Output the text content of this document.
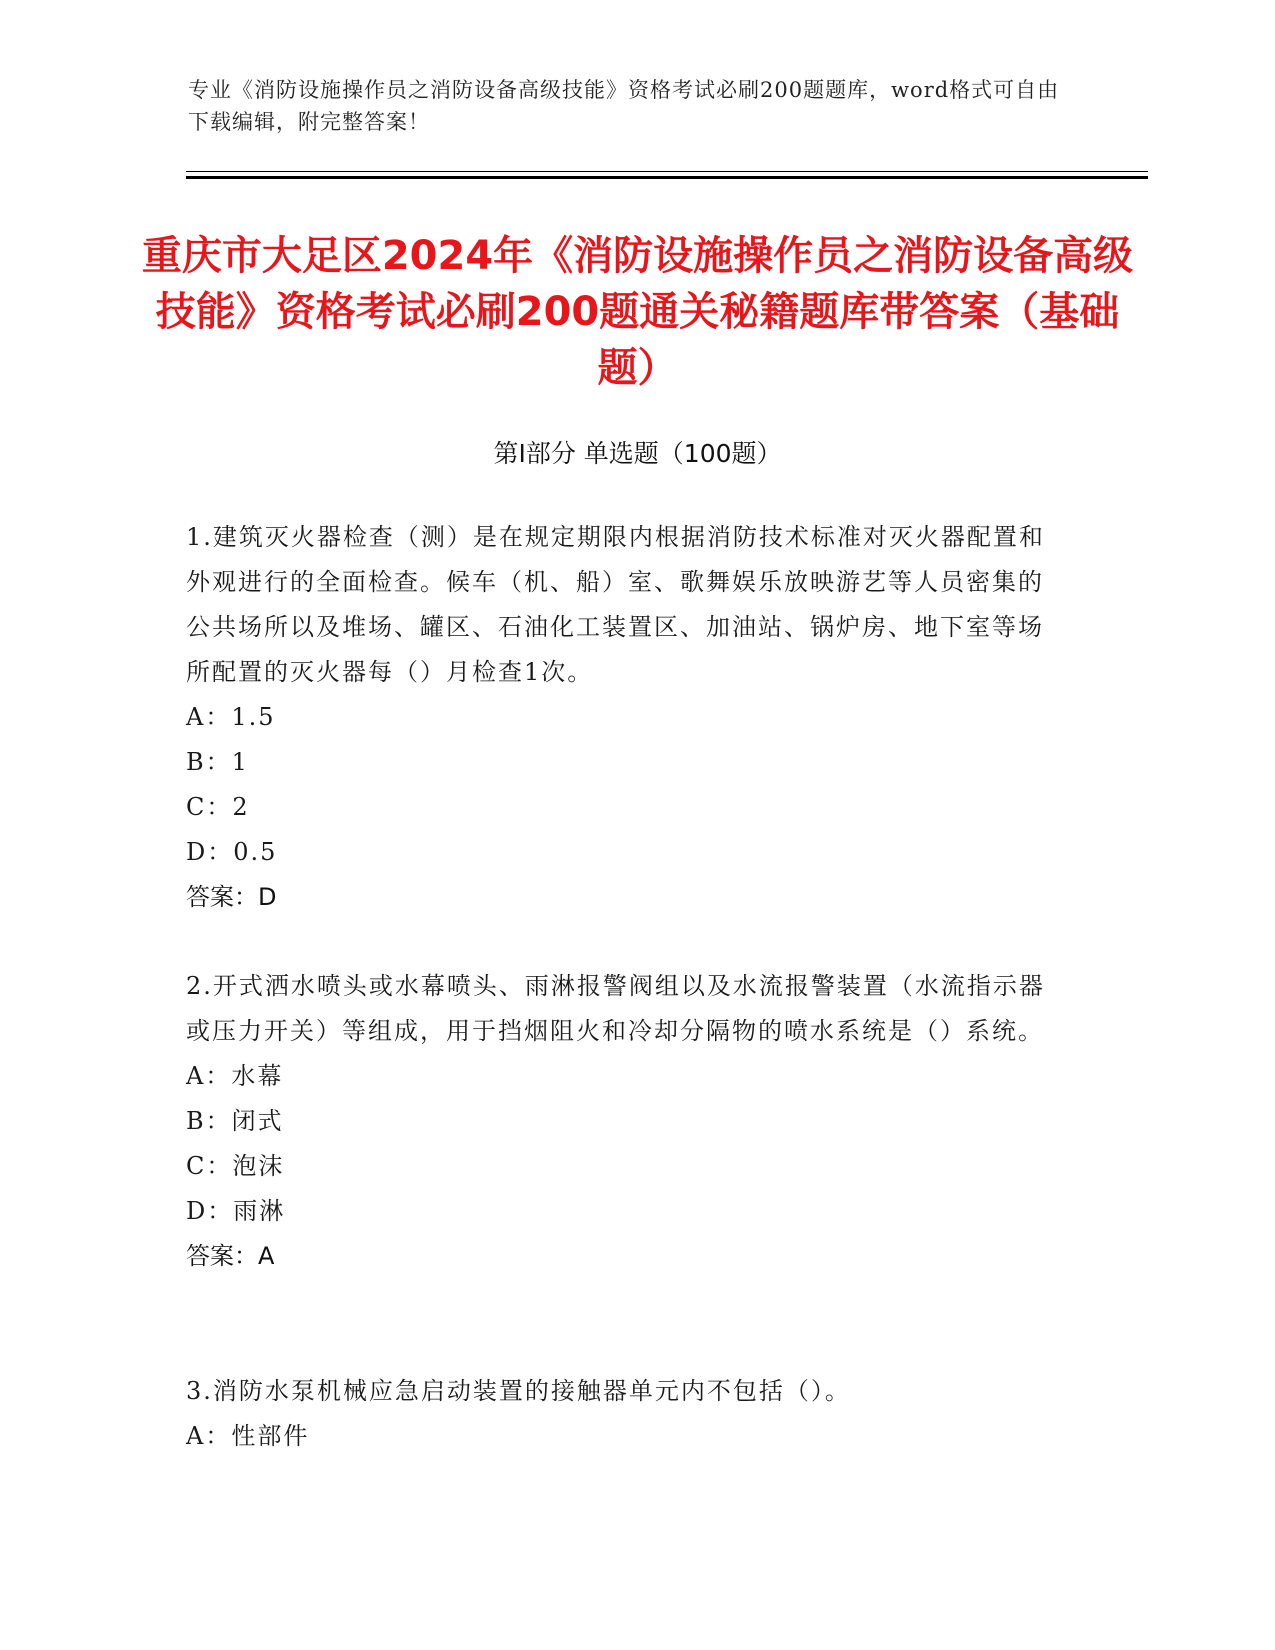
专业《消防设施操作员之消防设备高级技能》资格考试必刷200题题库，word格式可自由下载编辑，附完整答案！
重庆市大足区2024年《消防设施操作员之消防设备高级技能》资格考试必刷200题通关秘籍题库带答案（基础题）
第Ⅰ部分 单选题（100题）

1.建筑灭火器检查（测）是在规定期限内根据消防技术标准对灭火器配置和外观进行的全面检查。候车（机、船）室、歌舞娱乐放映游艺等人员密集的公共场所以及堆场、罐区、石油化工装置区、加油站、锅炉房、地下室等场所配置的灭火器每（）月检查1次。

A：1.5

B：1

C：2

D：0.5

答案：D

2.开式洒水喷头或水幕喷头、雨淋报警阀组以及水流报警装置（水流指示器或压力开关）等组成，用于挡烟阻火和冷却分隔物的喷水系统是（）系统。

A：水幕

B：闭式

C：泡沫

D：雨淋

答案：A

3.消防水泵机械应急启动装置的接触器单元内不包括（）。

A：性部件
